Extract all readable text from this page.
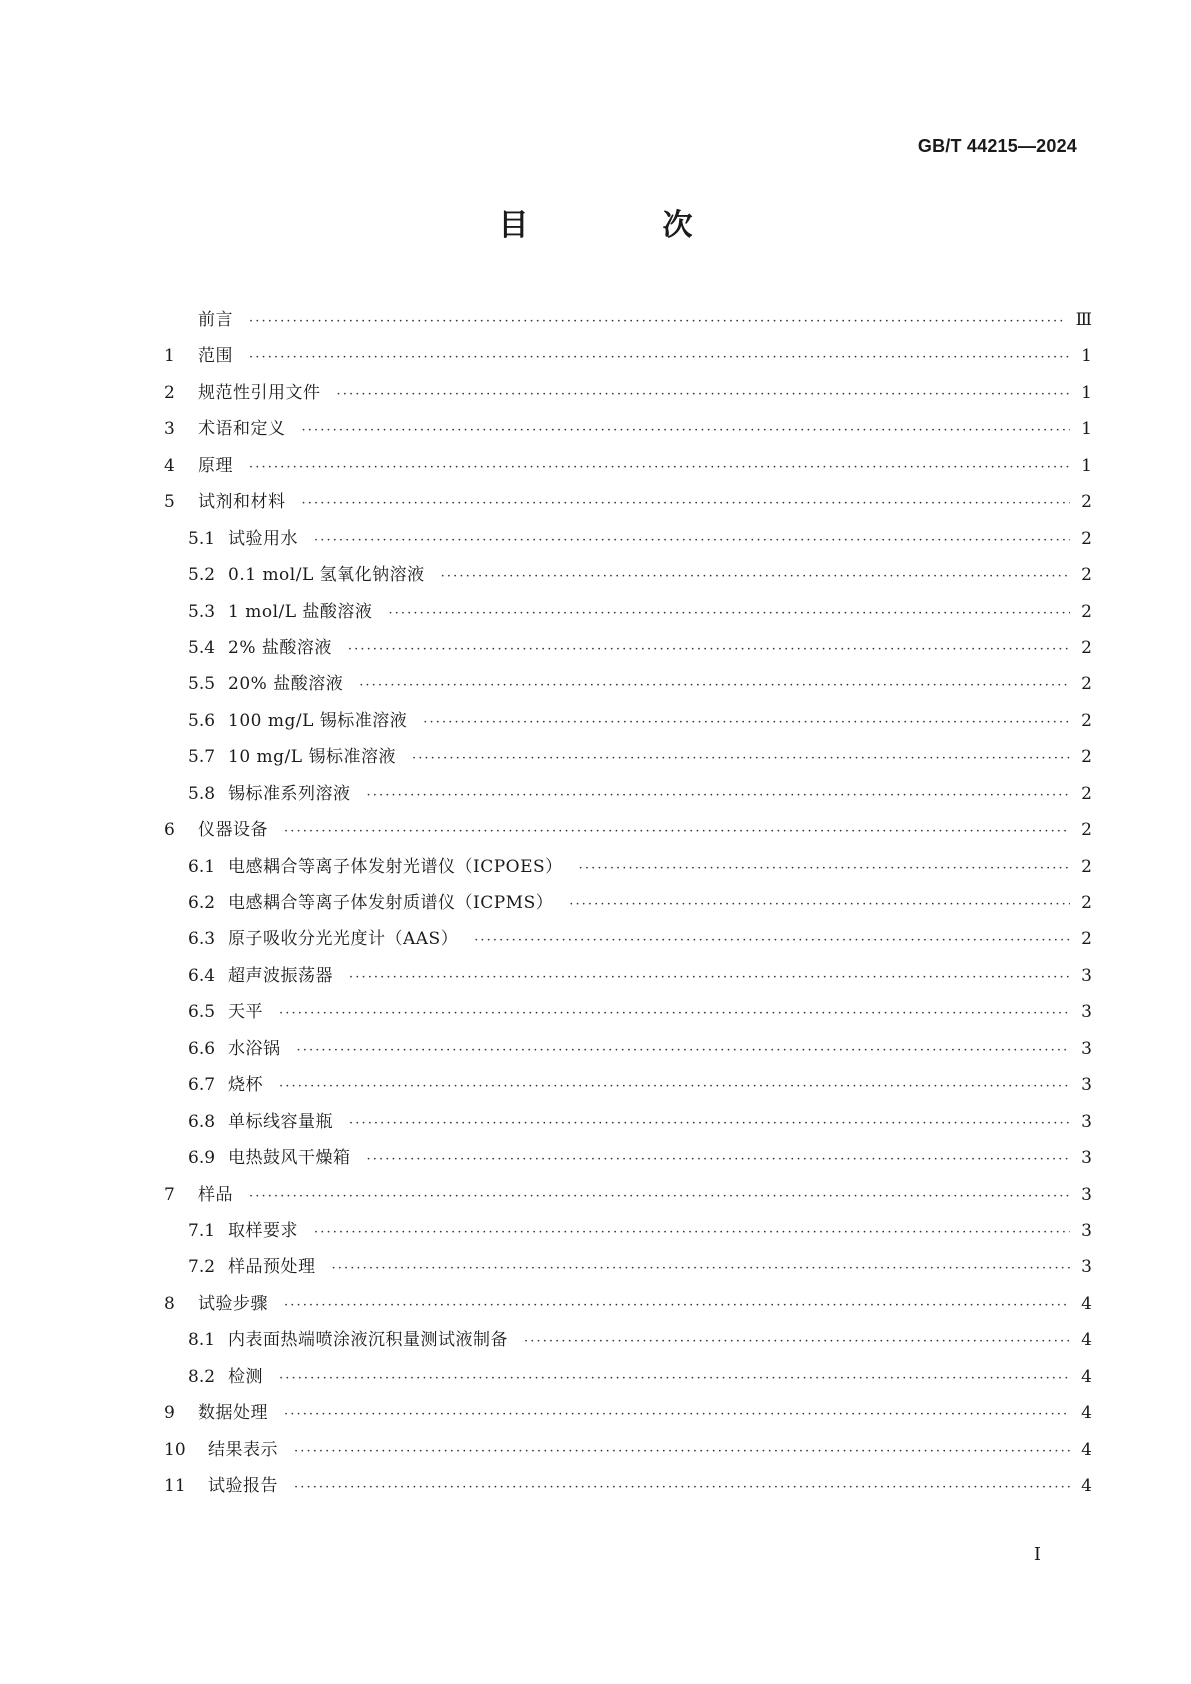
GB/T 44215—2024
目　次
前言 ·····	Ⅲ
1	范围 ·····	1
2	规范性引用文件 ·····	1
3	术语和定义 ·····	1
4	原理 ·····	1
5	试剂和材料 ·····	2
5.1 试验用水 ·····	2
5.2 0.1 mol/L 氢氧化钠溶液 ·····	2
5.3 1 mol/L 盐酸溶液 ·····	2
5.4 2% 盐酸溶液 ·····	2
5.5 20% 盐酸溶液 ·····	2
5.6 100 mg/L 锡标准溶液 ·····	2
5.7 10 mg/L 锡标准溶液 ·····	2
5.8 锡标准系列溶液 ·····	2
6	仪器设备 ·····	2
6.1 电感耦合等离子体发射光谱仪（ICPOES） ·····	2
6.2 电感耦合等离子体发射质谱仪（ICPMS） ·····	2
6.3 原子吸收分光光度计（AAS） ·····	2
6.4 超声波振荡器 ·····	3
6.5 天平 ·····	3
6.6 水浴锅 ·····	3
6.7 烧杯 ·····	3
6.8 单标线容量瓶 ·····	3
6.9 电热鼓风干燥箱 ·····	3
7	样品 ·····	3
7.1 取样要求 ·····	3
7.2 样品预处理 ·····	3
8	试验步骤 ·····	4
8.1 内表面热端喷涂液沉积量测试液制备 ·····	4
8.2 检测 ·····	4
9	数据处理 ·····	4
10	结果表示 ·····	4
11	试验报告 ·····	4
I
